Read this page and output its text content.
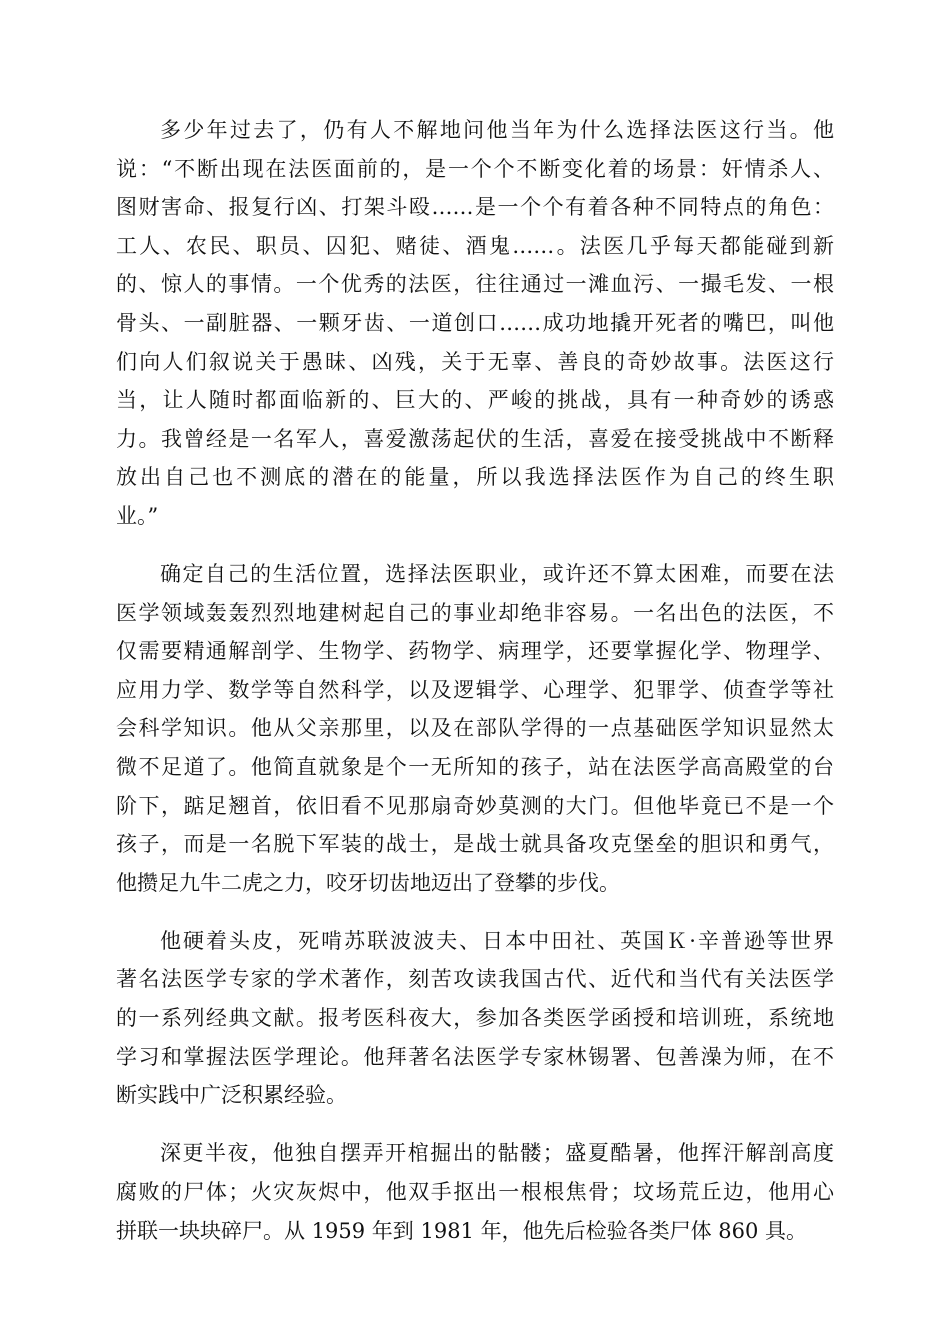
多少年过去了，仍有人不解地问他当年为什么选择法医这行当。他
说：“不断出现在法医面前的，是一个个不断变化着的场景：奸情杀人、
图财害命、报复行凶、打架斗殴……是一个个有着各种不同特点的角色：
工人、农民、职员、囚犯、赌徒、酒鬼……。法医几乎每天都能碰到新
的、惊人的事情。一个优秀的法医，往往通过一滩血污、一撮毛发、一根
骨头、一副脏器、一颗牙齿、一道创口……成功地撬开死者的嘴巴，叫他
们向人们叙说关于愚昧、凶残，关于无辜、善良的奇妙故事。法医这行
当，让人随时都面临新的、巨大的、严峻的挑战，具有一种奇妙的诱惑
力。我曾经是一名军人，喜爱激荡起伏的生活，喜爱在接受挑战中不断释
放出自己也不测底的潜在的能量，所以我选择法医作为自己的终生职
业。”
确定自己的生活位置，选择法医职业，或许还不算太困难，而要在法
医学领域轰轰烈烈地建树起自己的事业却绝非容易。一名出色的法医，不
仅需要精通解剖学、生物学、药物学、病理学，还要掌握化学、物理学、
应用力学、数学等自然科学，以及逻辑学、心理学、犯罪学、侦查学等社
会科学知识。他从父亲那里，以及在部队学得的一点基础医学知识显然太
微不足道了。他简直就象是个一无所知的孩子，站在法医学高高殿堂的台
阶下，踮足翘首，依旧看不见那扇奇妙莫测的大门。但他毕竟已不是一个
孩子，而是一名脱下军装的战士，是战士就具备攻克堡垒的胆识和勇气，
他攒足九牛二虎之力，咬牙切齿地迈出了登攀的步伐。
他硬着头皮，死啃苏联波波夫、日本中田社、英国Ｋ·辛普逊等世界
著名法医学专家的学术著作，刻苦攻读我国古代、近代和当代有关法医学
的一系列经典文献。报考医科夜大，参加各类医学函授和培训班，系统地
学习和掌握法医学理论。他拜著名法医学专家林锡署、包善澡为师，在不
断实践中广泛积累经验。
深更半夜，他独自摆弄开棺掘出的骷髅；盛夏酷暑，他挥汗解剖高度
腐败的尸体；火灾灰烬中，他双手抠出一根根焦骨；坟场荒丘边，他用心
拼联一块块碎尸。从 1959 年到 1981 年，他先后检验各类尸体 860 具。
